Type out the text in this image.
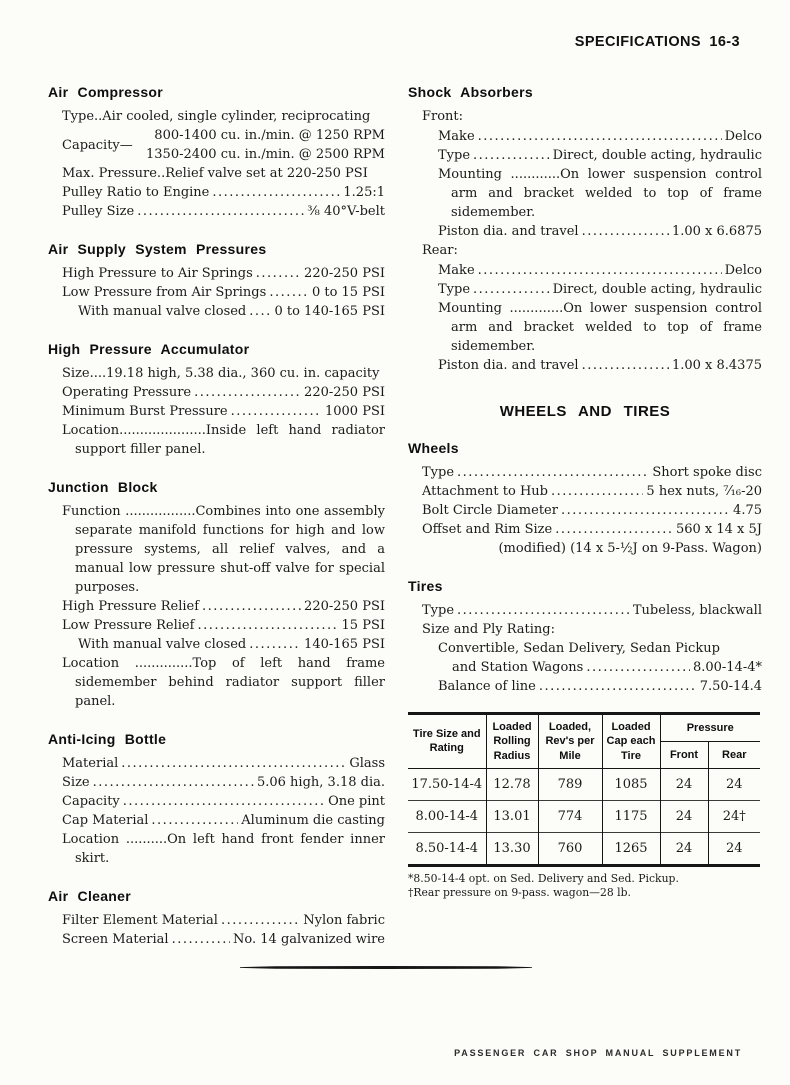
SPECIFICATIONS 16-3
Air Compressor
Type..Air cooled, single cylinder, reciprocating
Capacity—
800-1400 cu. in./min. @ 1250 RPM
1350-2400 cu. in./min. @ 2500 RPM
Max. Pressure..Relief valve set at 220-250 PSI
Pulley Ratio to Engine .....	1.25:1
Pulley Size .....	⅜ 40°V-belt
Air Supply System Pressures
High Pressure to Air Springs .....	220-250 PSI
Low Pressure from Air Springs .....	0 to 15 PSI
With manual valve closed ..... 0 to 140-165 PSI
High Pressure Accumulator
Size....19.18 high, 5.38 dia., 360 cu. in. capacity
Operating Pressure .....	220-250 PSI
Minimum Burst Pressure .....	1000 PSI
Location.....................Inside left hand radiator support filler panel.
Junction Block
Function .................Combines into one assembly separate manifold functions for high and low pressure systems, all relief valves, and a manual low pressure shut-off valve for special purposes.
High Pressure Relief .....	220-250 PSI
Low Pressure Relief .....	15 PSI
With manual valve closed .....	140-165 PSI
Location ..............Top of left hand frame sidemember behind radiator support filler panel.
Anti-Icing Bottle
Material .....	Glass
Size .....	5.06 high, 3.18 dia.
Capacity .....	One pint
Cap Material .....	Aluminum die casting
Location ..........On left hand front fender inner skirt.
Air Cleaner
Filter Element Material .....	Nylon fabric
Screen Material .....	No. 14 galvanized wire
Shock Absorbers
Front:
Make .....	Delco
Type .....	Direct, double acting, hydraulic
Mounting ............On lower suspension control arm and bracket welded to top of frame sidemember.
Piston dia. and travel .....	1.00 x 6.6875
Rear:
Make .....	Delco
Type .....	Direct, double acting, hydraulic
Mounting .............On lower suspension control arm and bracket welded to top of frame sidemember.
Piston dia. and travel .....	1.00 x 8.4375
WHEELS AND TIRES
Wheels
Type .....	Short spoke disc
Attachment to Hub .....	5 hex nuts, ⁷⁄₁₆-20
Bolt Circle Diameter .....	4.75
Offset and Rim Size .....	560 x 14 x 5J
(modified) (14 x 5-½J on 9-Pass. Wagon)
Tires
Type .....	Tubeless, blackwall
Size and Ply Rating:
Convertible, Sedan Delivery, Sedan Pickup
and Station Wagons .....	8.00-14-4*
Balance of line .....	7.50-14.4
Tire Size and Rating	Loaded Rolling Radius	Loaded, Rev's per Mile	Loaded Cap each Tire	Pressure	
				Front	Rear
17.50-14-4	12.78	789	1085	24	24
8.00-14-4	13.01	774	1175	24	24†
8.50-14-4	13.30	760	1265	24	24
*8.50-14-4 opt. on Sed. Delivery and Sed. Pickup.
†Rear pressure on 9-pass. wagon—28 lb.
PASSENGER CAR SHOP MANUAL SUPPLEMENT
